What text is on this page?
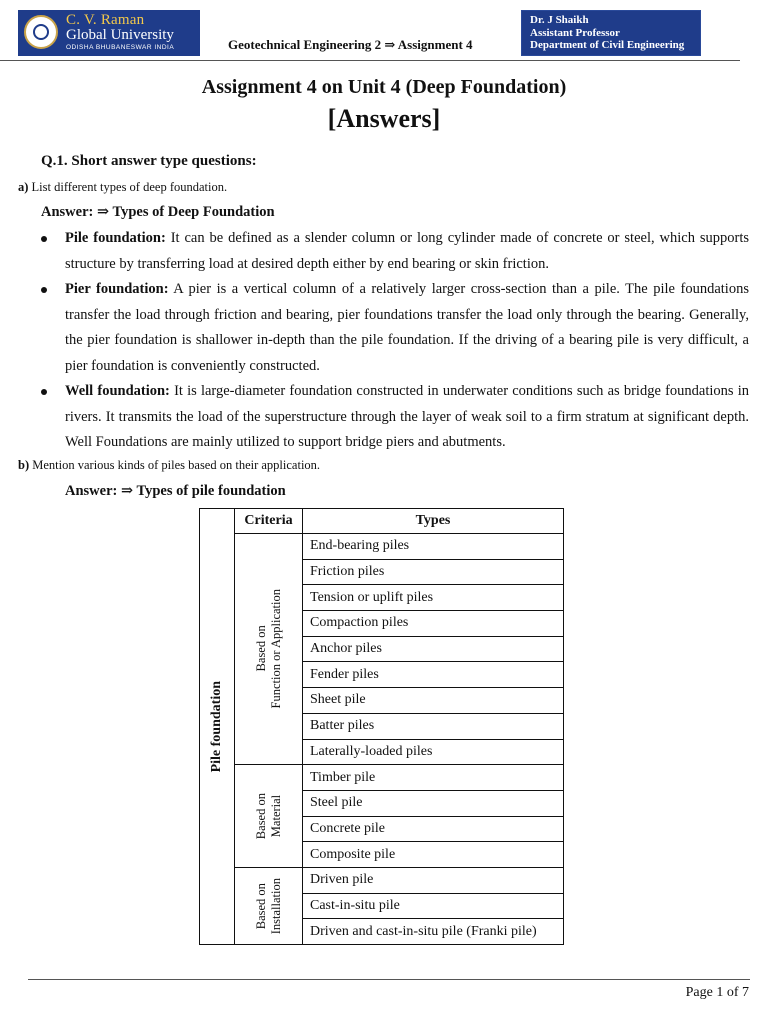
C. V. Raman
Global University
ODISHA BHUBANESWAR INDIA	Geotechnical Engineering 2 ⇒ Assignment 4
Dr. J Shaikh
Assistant Professor
Department of Civil Engineering
Assignment 4 on Unit 4 (Deep Foundation)
[Answers]
Q.1. Short answer type questions:
a) List different types of deep foundation.
Answer: ⇒ Types of Deep Foundation
Pile foundation: It can be defined as a slender column or long cylinder made of concrete or steel, which supports structure by transferring load at desired depth either by end bearing or skin friction.
Pier foundation: A pier is a vertical column of a relatively larger cross-section than a pile. The pile foundations transfer the load through friction and bearing, pier foundations transfer the load only through the bearing. Generally, the pier foundation is shallower in-depth than the pile foundation. If the driving of a bearing pile is very difficult, a pier foundation is conveniently constructed.
Well foundation: It is large-diameter foundation constructed in underwater conditions such as bridge foundations in rivers. It transmits the load of the superstructure through the layer of weak soil to a firm stratum at significant depth. Well Foundations are mainly utilized to support bridge piers and abutments.
b) Mention various kinds of piles based on their application.
Answer: ⇒ Types of pile foundation
Pile foundation	Criteria	Types

	Based on
Function or Application	End-bearing piles
		Friction piles
		Tension or uplift piles
		Compaction piles
		Anchor piles
		Fender piles
		Sheet pile
		Batter piles
		Laterally-loaded piles

	Based on
Material	Timber pile
		Steel pile
		Concrete pile
		Composite pile

	Based on
Installation	Driven pile
		Cast-in-situ pile
		Driven and cast-in-situ pile (Franki pile)
Page 1 of 7
